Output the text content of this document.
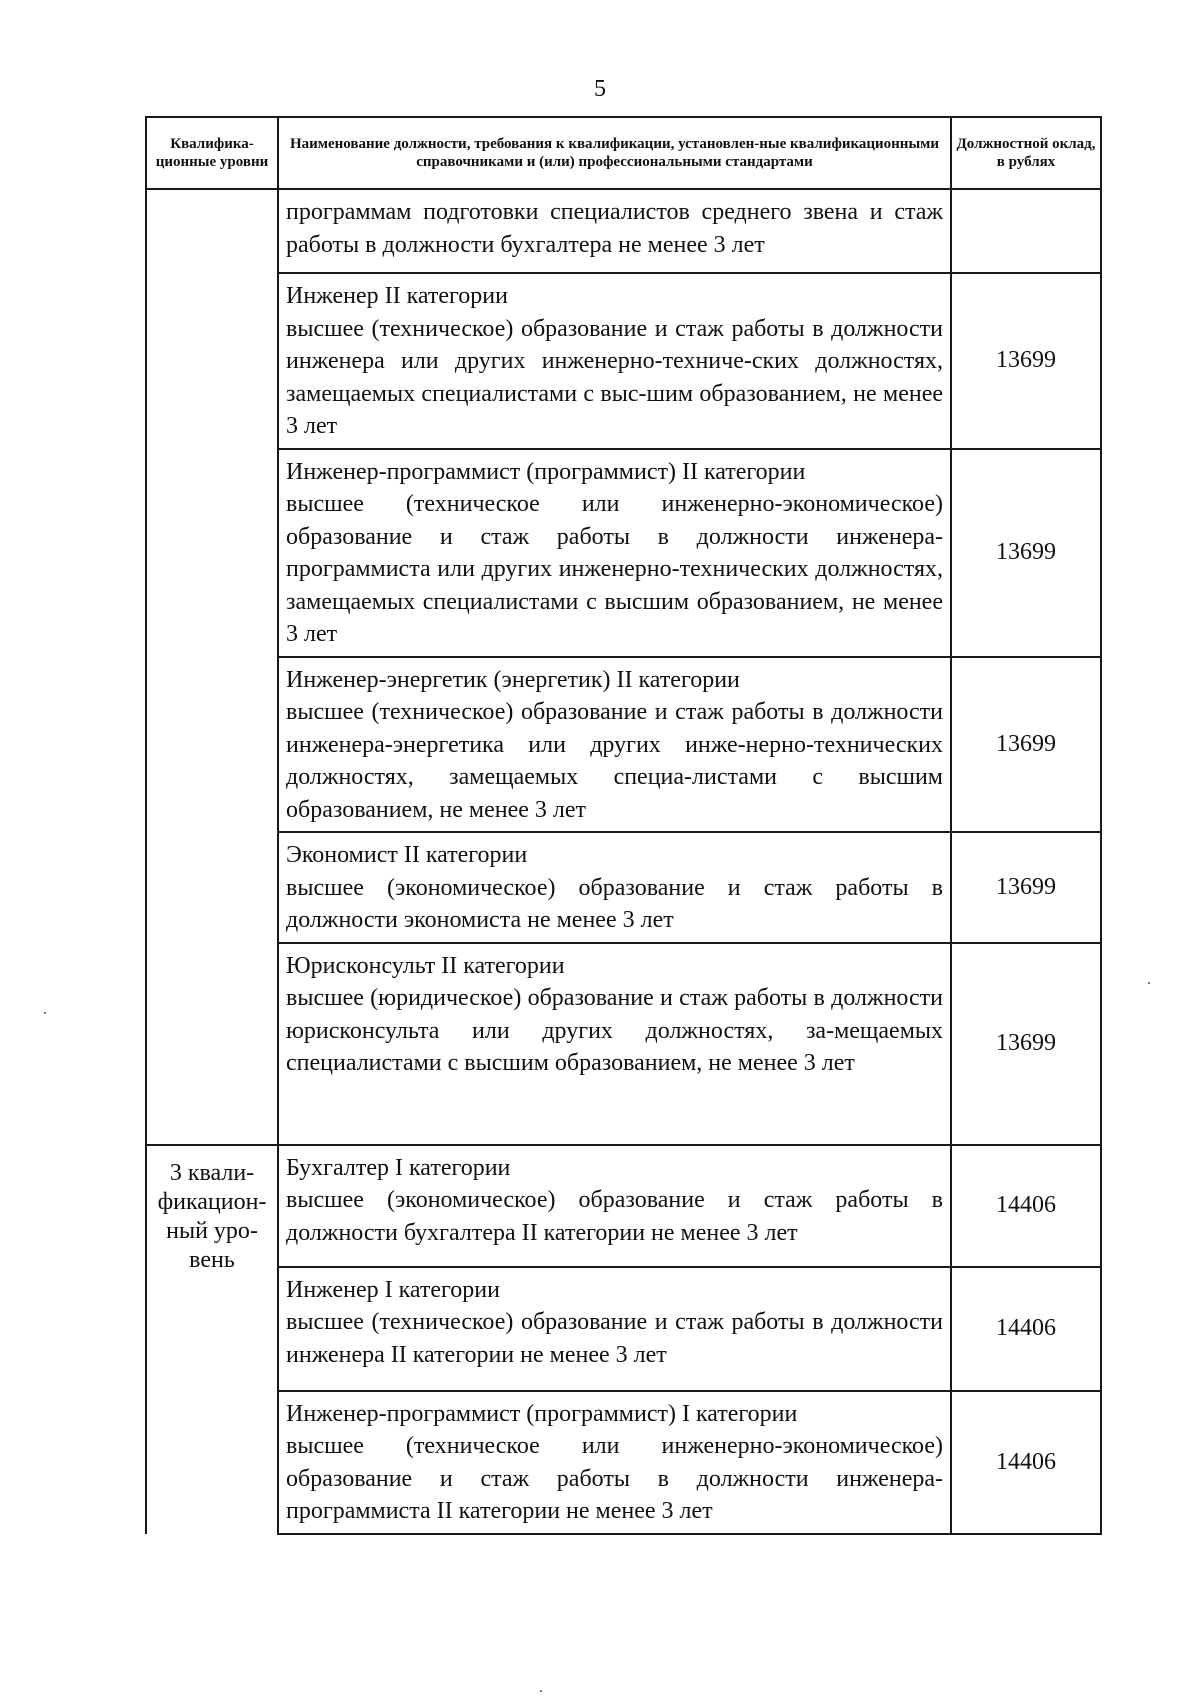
5
Квалифика-ционные уровни	Наименование должности, требования к квалификации, установлен-ные квалификационными справочниками и (или) профессиональными стандартами	Должностной оклад, в рублях
	программам подготовки специалистов среднего звена и стаж работы в должности бухгалтера не менее 3 лет	

	Инженер II категории
высшее (техническое) образование и стаж работы в должности инженера или других инженерно-техниче-ских должностях, замещаемых специалистами с выс-шим образованием, не менее 3 лет	13699

	Инженер-программист (программист) II категории
высшее (техническое или инженерно-экономическое) образование и стаж работы в должности инженера-программиста или других инженерно-технических должностях, замещаемых специалистами с высшим образованием, не менее 3 лет	13699

	Инженер-энергетик (энергетик) II категории
высшее (техническое) образование и стаж работы в должности инженера-энергетика или других инже-нерно-технических должностях, замещаемых специа-листами с высшим образованием, не менее 3 лет	13699

	Экономист II категории
высшее (экономическое) образование и стаж работы в должности экономиста не менее 3 лет	13699

	Юрисконсульт II категории
высшее (юридическое) образование и стаж работы в должности юрисконсульта или других должностях, за-мещаемых специалистами с высшим образованием, не менее 3 лет	13699
3 квали-фикацион-ный уро-вень	Бухгалтер I категории
высшее (экономическое) образование и стаж работы в должности бухгалтера II категории не менее 3 лет	14406

	Инженер I категории
высшее (техническое) образование и стаж работы в должности инженера II категории не менее 3 лет	14406

	Инженер-программист (программист) I категории
высшее (техническое или инженерно-экономическое) образование и стаж работы в должности инженера-программиста II категории не менее 3 лет	14406
